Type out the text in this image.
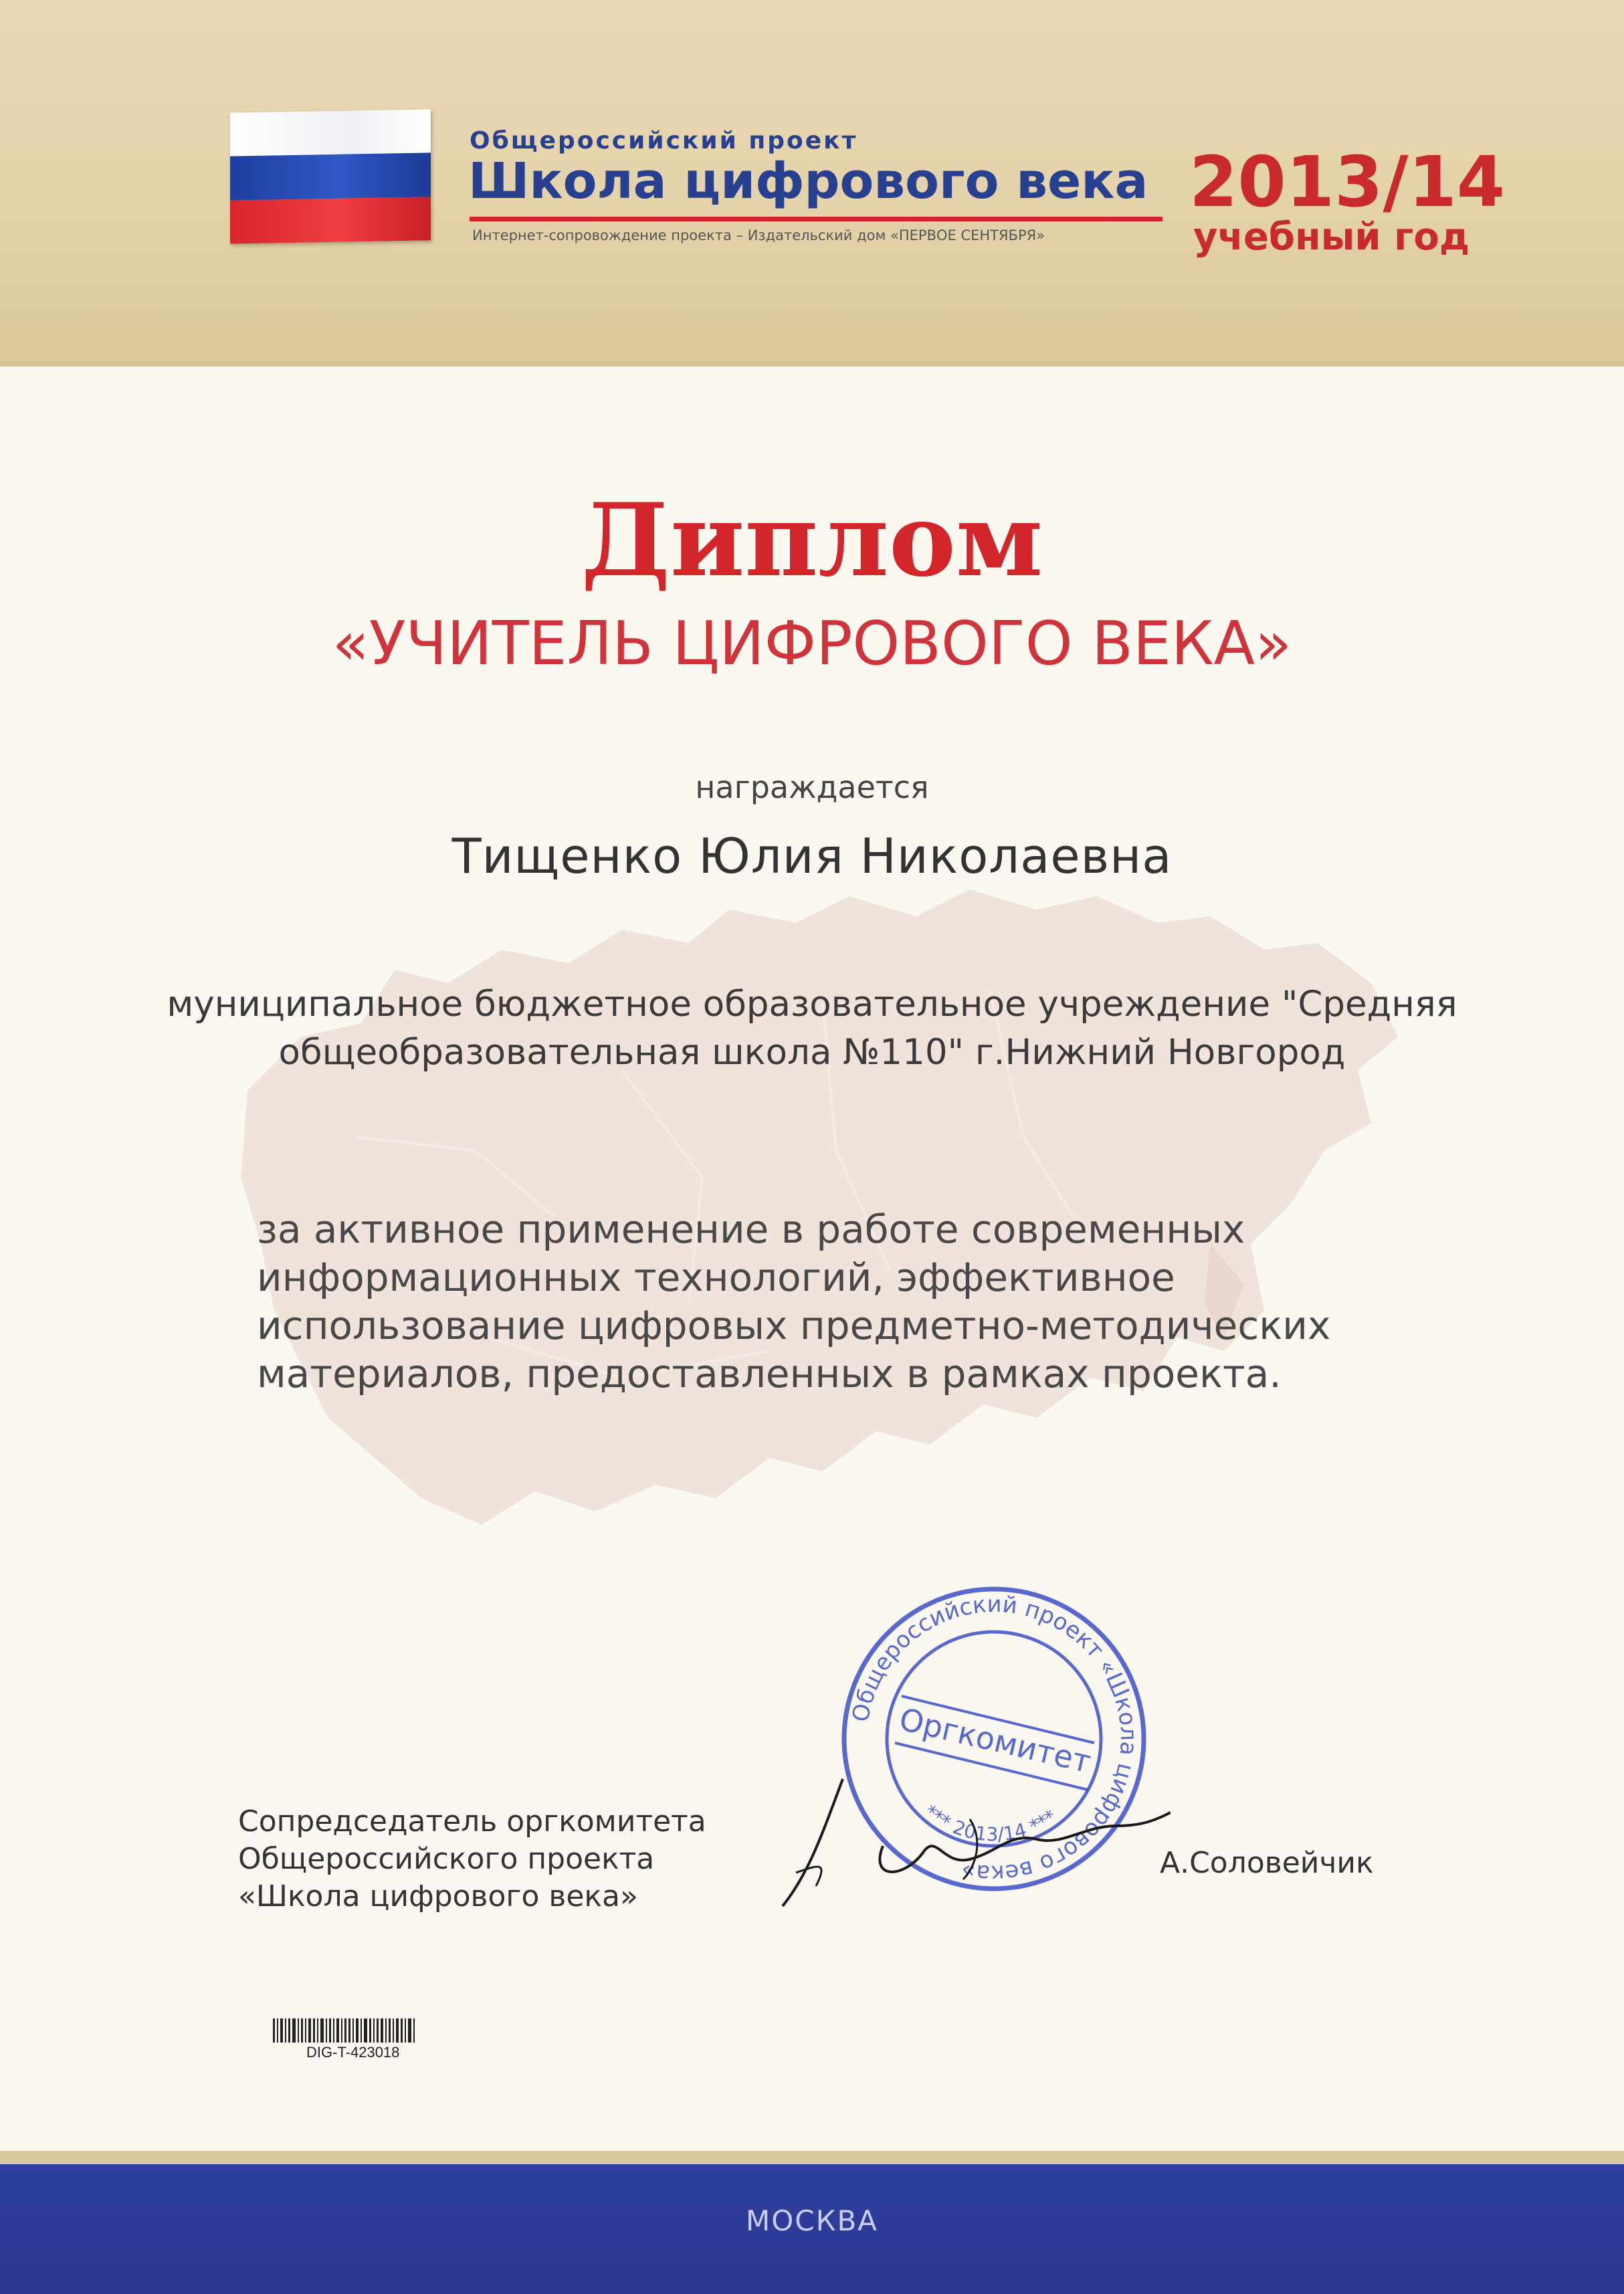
Общероссийский проект
Школа цифрового века
Интернет-сопровождение проекта – Издательский дом «ПЕРВОЕ СЕНТЯБРЯ»
2013/14
учебный год
Диплом
«УЧИТЕЛЬ ЦИФРОВОГО ВЕКА»
награждается
Тищенко Юлия Николаевна
муниципальное бюджетное образовательное учреждение "Средняя
общеобразовательная школа №110" г.Нижний Новгород
за активное применение в работе современных
информационных технологий, эффективное
использование цифровых предметно-методических
материалов, предоставленных в рамках проекта.
Общероссийский проект «Школа цифрового века»
Оргкомитет
*** 2013/14 ***
Сопредседатель оргкомитета
Общероссийского проекта
«Школа цифрового века»
А.Соловейчик
DIG-T-423018
МОСКВА
